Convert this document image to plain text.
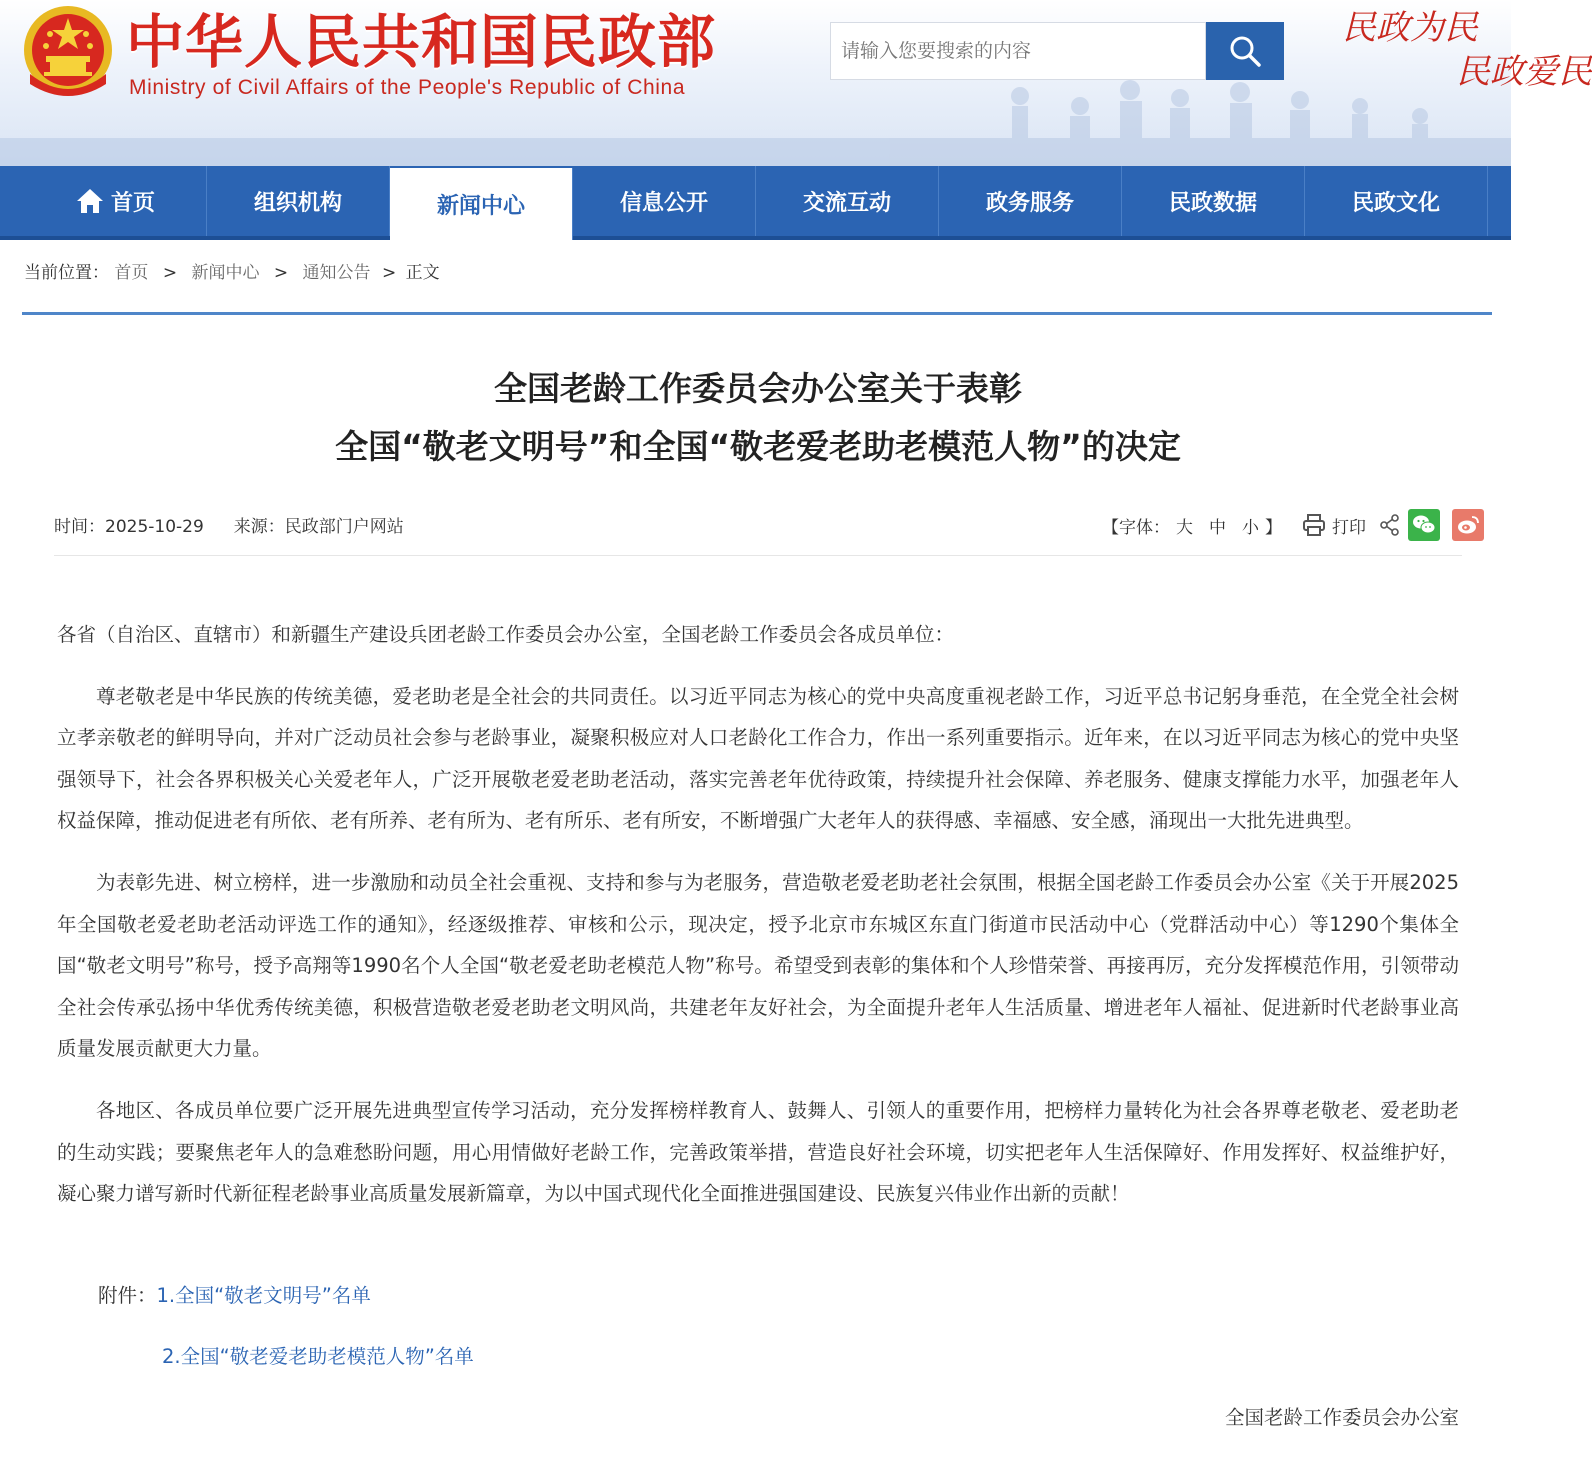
中华人民共和国民政部
Ministry of Civil Affairs of the People's Republic of China
请输入您要搜索的内容
民政为民
民政爱民
首页	组织机构	新闻中心	信息公开	交流互动	政务服务	民政数据	民政文化
当前位置： 首页 > 新闻中心 > 通知公告 > 正文
全国老龄工作委员会办公室关于表彰
全国“敬老文明号”和全国“敬老爱老助老模范人物”的决定
时间：2025-10-29 来源：民政部门户网站	【字体： 大 中 小 】	打印

各省（自治区、直辖市）和新疆生产建设兵团老龄工作委员会办公室，全国老龄工作委员会各成员单位：

尊老敬老是中华民族的传统美德，爱老助老是全社会的共同责任。以习近平同志为核心的党中央高度重视老龄工作，习近平总书记躬身垂范，在全党全社会树立孝亲敬老的鲜明导向，并对广泛动员社会参与老龄事业，凝聚积极应对人口老龄化工作合力，作出一系列重要指示。近年来，在以习近平同志为核心的党中央坚强领导下，社会各界积极关心关爱老年人，广泛开展敬老爱老助老活动，落实完善老年优待政策，持续提升社会保障、养老服务、健康支撑能力水平，加强老年人权益保障，推动促进老有所依、老有所养、老有所为、老有所乐、老有所安，不断增强广大老年人的获得感、幸福感、安全感，涌现出一大批先进典型。

为表彰先进、树立榜样，进一步激励和动员全社会重视、支持和参与为老服务，营造敬老爱老助老社会氛围，根据全国老龄工作委员会办公室《关于开展2025年全国敬老爱老助老活动评选工作的通知》，经逐级推荐、审核和公示，现决定，授予北京市东城区东直门街道市民活动中心（党群活动中心）等1290个集体全国“敬老文明号”称号，授予高翔等1990名个人全国“敬老爱老助老模范人物”称号。希望受到表彰的集体和个人珍惜荣誉、再接再厉，充分发挥模范作用，引领带动全社会传承弘扬中华优秀传统美德，积极营造敬老爱老助老文明风尚，共建老年友好社会，为全面提升老年人生活质量、增进老年人福祉、促进新时代老龄事业高质量发展贡献更大力量。

各地区、各成员单位要广泛开展先进典型宣传学习活动，充分发挥榜样教育人、鼓舞人、引领人的重要作用，把榜样力量转化为社会各界尊老敬老、爱老助老的生动实践；要聚焦老年人的急难愁盼问题，用心用情做好老龄工作，完善政策举措，营造良好社会环境，切实把老年人生活保障好、作用发挥好、权益维护好，凝心聚力谱写新时代新征程老龄事业高质量发展新篇章，为以中国式现代化全面推进强国建设、民族复兴伟业作出新的贡献！

附件：1.全国“敬老文明号”名单
2.全国“敬老爱老助老模范人物”名单
全国老龄工作委员会办公室
